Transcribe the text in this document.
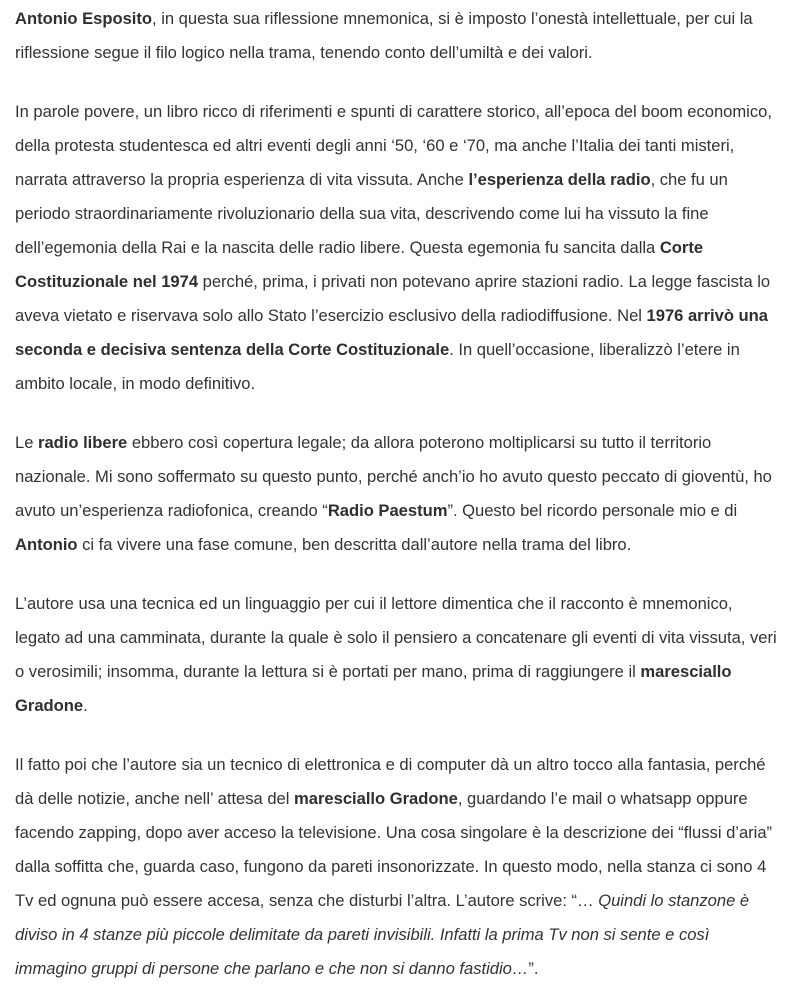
Antonio Esposito, in questa sua riflessione mnemonica, si è imposto l’onestà intellettuale, per cui la riflessione segue il filo logico nella trama, tenendo conto dell’umiltà e dei valori.

In parole povere, un libro ricco di riferimenti e spunti di carattere storico, all’epoca del boom economico, della protesta studentesca ed altri eventi degli anni ‘50, ‘60 e ‘70, ma anche l’Italia dei tanti misteri, narrata attraverso la propria esperienza di vita vissuta. Anche l’esperienza della radio, che fu un periodo straordinariamente rivoluzionario della sua vita, descrivendo come lui ha vissuto la fine dell’egemonia della Rai e la nascita delle radio libere. Questa egemonia fu sancita dalla Corte Costituzionale nel 1974 perché, prima, i privati non potevano aprire stazioni radio. La legge fascista lo aveva vietato e riservava solo allo Stato l’esercizio esclusivo della radiodiffusione. Nel 1976 arrivò una seconda e decisiva sentenza della Corte Costituzionale. In quell’occasione, liberalizzò l’etere in ambito locale, in modo definitivo.

Le radio libere ebbero così copertura legale; da allora poterono moltiplicarsi su tutto il territorio nazionale. Mi sono soffermato su questo punto, perché anch’io ho avuto questo peccato di gioventù, ho avuto un’esperienza radiofonica, creando “Radio Paestum”. Questo bel ricordo personale mio e di Antonio ci fa vivere una fase comune, ben descritta dall’autore nella trama del libro.

L’autore usa una tecnica ed un linguaggio per cui il lettore dimentica che il racconto è mnemonico, legato ad una camminata, durante la quale è solo il pensiero a concatenare gli eventi di vita vissuta, veri o verosimili; insomma, durante la lettura si è portati per mano, prima di raggiungere il maresciallo Gradone.

Il fatto poi che l’autore sia un tecnico di elettronica e di computer dà un altro tocco alla fantasia, perché dà delle notizie, anche nell’ attesa del maresciallo Gradone, guardando l’e mail o whatsapp oppure facendo zapping, dopo aver acceso la televisione. Una cosa singolare è la descrizione dei “flussi d’aria” dalla soffitta che, guarda caso, fungono da pareti insonorizzate. In questo modo, nella stanza ci sono 4 Tv ed ognuna può essere accesa, senza che disturbi l’altra. L’autore scrive: “… Quindi lo stanzone è diviso in 4 stanze più piccole delimitate da pareti invisibili. Infatti la prima Tv non si sente e così immagino gruppi di persone che parlano e che non si danno fastidio…”.
